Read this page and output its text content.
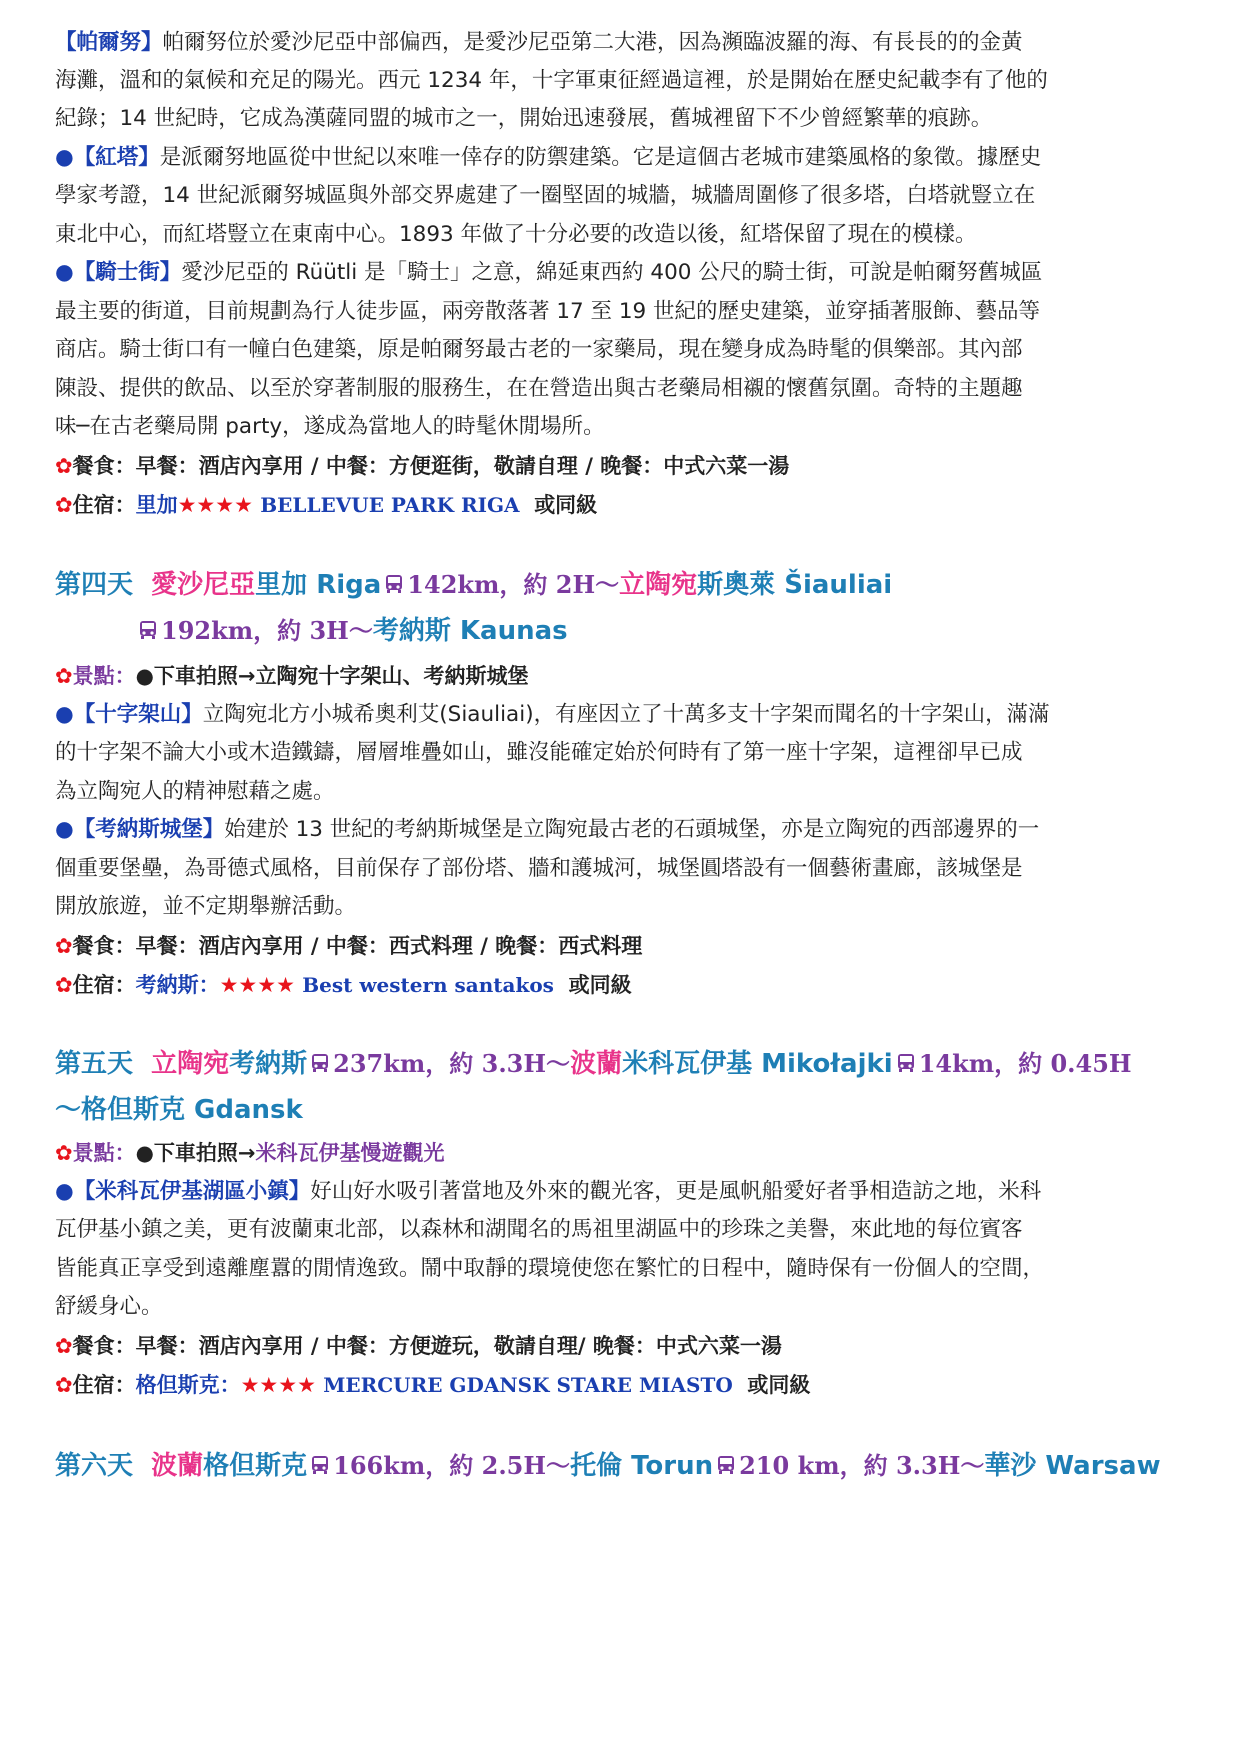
【帕爾努】帕爾努位於愛沙尼亞中部偏西，是愛沙尼亞第二大港，因為瀕臨波羅的海、有長長的的金黃
海灘，溫和的氣候和充足的陽光。西元 1234 年，十字軍東征經過這裡，於是開始在歷史紀載李有了他的
紀錄；14 世紀時，它成為漢薩同盟的城市之一，開始迅速發展，舊城裡留下不少曾經繁華的痕跡。
●【紅塔】是派爾努地區從中世紀以來唯一倖存的防禦建築。它是這個古老城市建築風格的象徵。據歷史
學家考證，14 世紀派爾努城區與外部交界處建了一圈堅固的城牆，城牆周圍修了很多塔，白塔就豎立在
東北中心，而紅塔豎立在東南中心。1893 年做了十分必要的改造以後，紅塔保留了現在的模樣。
●【騎士街】愛沙尼亞的 Rüütli 是「騎士」之意，綿延東西約 400 公尺的騎士街，可說是帕爾努舊城區
最主要的街道，目前規劃為行人徒步區，兩旁散落著 17 至 19 世紀的歷史建築，並穿插著服飾、藝品等
商店。騎士街口有一幢白色建築，原是帕爾努最古老的一家藥局，現在變身成為時髦的俱樂部。其內部
陳設、提供的飲品、以至於穿著制服的服務生，在在營造出與古老藥局相襯的懷舊氛圍。奇特的主題趣
味─在古老藥局開 party，遂成為當地人的時髦休閒場所。
✿餐食：早餐：酒店內享用 / 中餐：方便逛街，敬請自理 / 晚餐：中式六菜一湯
✿住宿：里加★★★★ BELLEVUE PARK RIGA 或同級
第四天 愛沙尼亞里加 Riga 142km，約 2H～立陶宛斯奧萊 Šiauliai
192km，約 3H～考納斯 Kaunas
✿景點：●下車拍照→立陶宛十字架山、考納斯城堡
●【十字架山】立陶宛北方小城希奧利艾(Siauliai)，有座因立了十萬多支十字架而聞名的十字架山，滿滿
的十字架不論大小或木造鐵鑄，層層堆疊如山，雖沒能確定始於何時有了第一座十字架，這裡卻早已成
為立陶宛人的精神慰藉之處。
●【考納斯城堡】始建於 13 世紀的考納斯城堡是立陶宛最古老的石頭城堡，亦是立陶宛的西部邊界的一
個重要堡壘，為哥德式風格，目前保存了部份塔、牆和護城河，城堡圓塔設有一個藝術畫廊，該城堡是
開放旅遊，並不定期舉辦活動。
✿餐食：早餐：酒店內享用 / 中餐：西式料理 / 晚餐：西式料理
✿住宿：考納斯：★★★★ Best western santakos 或同級
第五天 立陶宛考納斯 237km，約 3.3H～波蘭米科瓦伊基 Mikołajki 14km，約 0.45H
～格但斯克 Gdansk
✿景點：●下車拍照→米科瓦伊基慢遊觀光
●【米科瓦伊基湖區小鎮】好山好水吸引著當地及外來的觀光客，更是風帆船愛好者爭相造訪之地，米科
瓦伊基小鎮之美，更有波蘭東北部，以森林和湖聞名的馬祖里湖區中的珍珠之美譽，來此地的每位賓客
皆能真正享受到遠離塵囂的閒情逸致。鬧中取靜的環境使您在繁忙的日程中，隨時保有一份個人的空間，
舒緩身心。
✿餐食：早餐：酒店內享用 / 中餐：方便遊玩，敬請自理/ 晚餐：中式六菜一湯
✿住宿：格但斯克：★★★★ MERCURE GDANSK STARE MIASTO 或同級
第六天 波蘭格但斯克 166km，約 2.5H～托倫 Torun 210 km，約 3.3H～華沙 Warsaw
